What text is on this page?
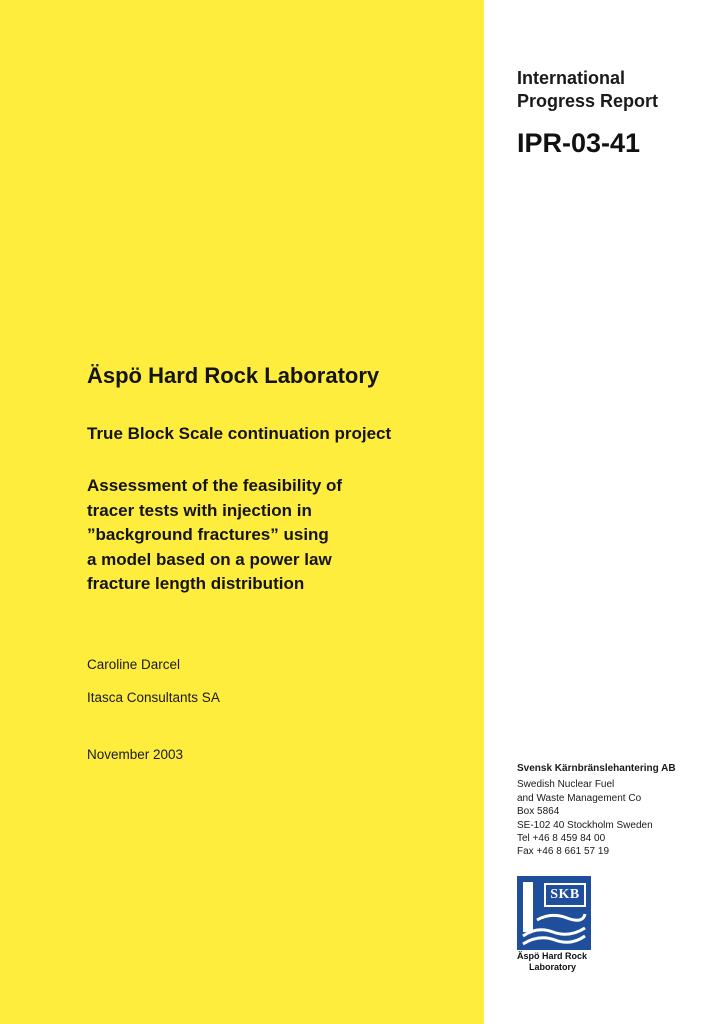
International
Progress Report
IPR-03-41
Äspö Hard Rock Laboratory
True Block Scale continuation project
Assessment of the feasibility of
tracer tests with injection in
”background fractures” using
a model based on a power law
fracture length distribution
Caroline Darcel
Itasca Consultants SA
November 2003
Svensk Kärnbränslehantering AB
Swedish Nuclear Fuel
and Waste Management Co
Box 5864
SE-102 40 Stockholm Sweden
Tel +46 8 459 84 00
Fax +46 8 661 57 19
SKB
Äspö Hard Rock
Laboratory
